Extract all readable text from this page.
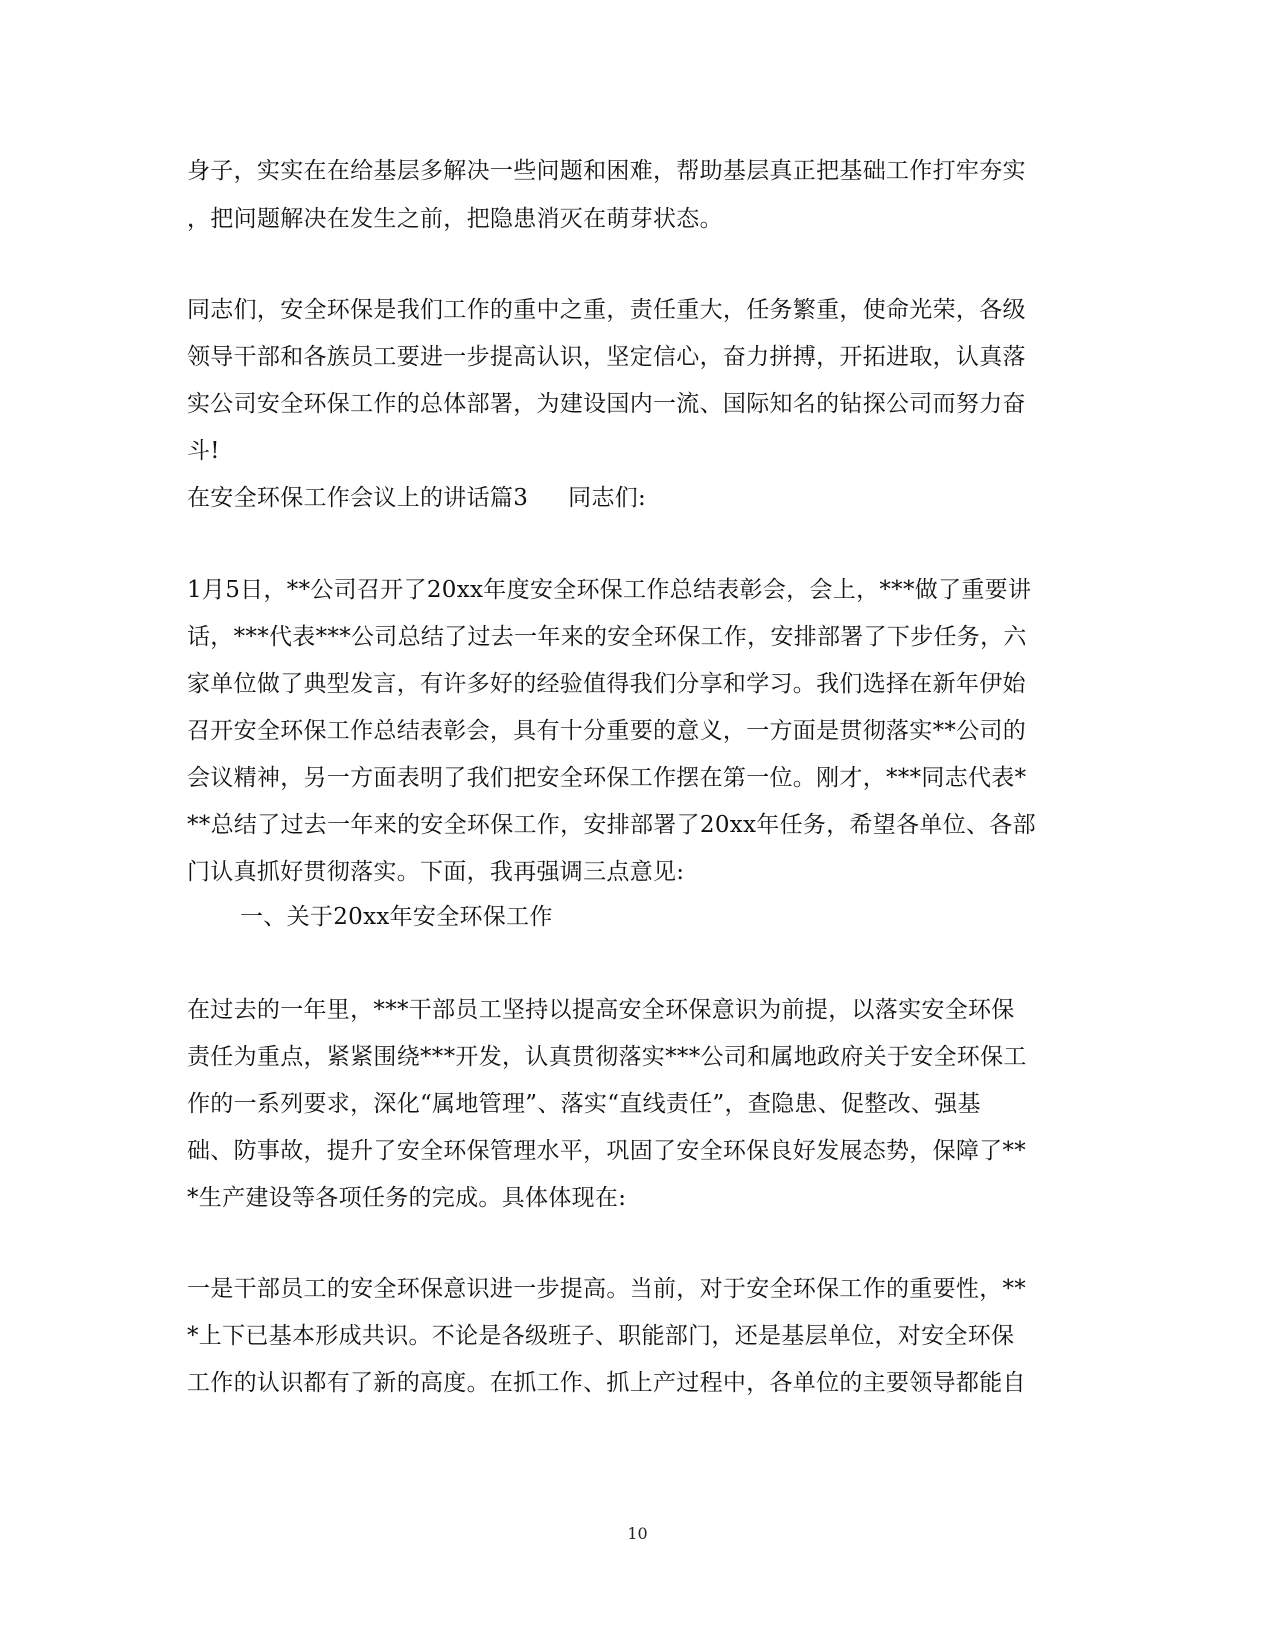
身子，实实在在给基层多解决一些问题和困难，帮助基层真正把基础工作打牢夯实
，把问题解决在发生之前，把隐患消灭在萌芽状态。
同志们，安全环保是我们工作的重中之重，责任重大，任务繁重，使命光荣，各级
领导干部和各族员工要进一步提高认识，坚定信心，奋力拼搏，开拓进取，认真落
实公司安全环保工作的总体部署，为建设国内一流、国际知名的钻探公司而努力奋
斗!
在安全环保工作会议上的讲话篇3 同志们:
1月5日，**公司召开了20xx年度安全环保工作总结表彰会，会上，***做了重要讲
话，***代表***公司总结了过去一年来的安全环保工作，安排部署了下步任务，六
家单位做了典型发言，有许多好的经验值得我们分享和学习。我们选择在新年伊始
召开安全环保工作总结表彰会，具有十分重要的意义，一方面是贯彻落实**公司的
会议精神，另一方面表明了我们把安全环保工作摆在第一位。刚才，***同志代表*
**总结了过去一年来的安全环保工作，安排部署了20xx年任务，希望各单位、各部
门认真抓好贯彻落实。下面，我再强调三点意见:
一、关于20xx年安全环保工作
在过去的一年里，***干部员工坚持以提高安全环保意识为前提，以落实安全环保
责任为重点，紧紧围绕***开发，认真贯彻落实***公司和属地政府关于安全环保工
作的一系列要求，深化“属地管理”、落实“直线责任”，查隐患、促整改、强基
础、防事故，提升了安全环保管理水平，巩固了安全环保良好发展态势，保障了**
*生产建设等各项任务的完成。具体体现在:
一是干部员工的安全环保意识进一步提高。当前，对于安全环保工作的重要性，**
*上下已基本形成共识。不论是各级班子、职能部门，还是基层单位，对安全环保
工作的认识都有了新的高度。在抓工作、抓上产过程中，各单位的主要领导都能自
10
